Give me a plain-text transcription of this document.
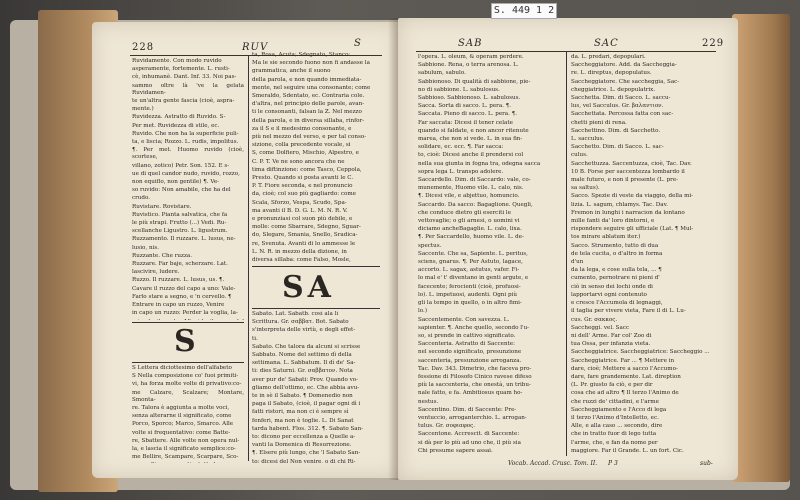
228	RUV	S

Ruvidamente. Con modo ruvido

asperamente, fortemente. L. rusti-

cè, inhumanè. Dant. Inf. 33. Noi pas-

sammo oltre là 've la gelata Ruvidamen-

te un'altra gente fascia (cioè, aspra-

mente.)

Ruvidezza. Astratto di Ruvido. S-

Per met. Ruvidezza di stile, ec.

Ruvido. Che non ha la superficie puli-

ta, e liscia; Rozzo. L. rudis, impolitus.

¶. Per met. Huomo ruvido (cioè, scortese,

villano, zotico) Petr. Son. 152. E s-

ue di quel candor nudo, ruvido, rozzo,

non equiflo, non gentile) ¶. Ve-

so ruvido: Non amabile, che ha del

crudo.

Ruvistare. Rovistare.

Ruvistico. Pianta salvatica, che fa

le più strapi. Frutto (...) Vedi. Ru-

scellanche Ligustro. L. ligustrum.

Ruzzamento. Il ruzzare. L. lusus, ne-

lusio, nis.

Ruzzante. Che ruzza.

Ruzzare. Far baje, scherzare. Lat.

lascivire, ludere.

Ruzzo. Il ruzzare. L. lusus, us. ¶.

Cavare il ruzzo del capo a uno: Vale-

Farlo stare a segno, e 'n cervello. ¶

Entrare in capo un ruzzo, Venire

in capo un ruzzo: Perder la voglia, la-

ta, Rosa, Acuta; Sdegnato, Stanco:

Ma le sie secondo fuono non fi andasse la

grammatica, anche il suono

della parola, e non quando immediata-

mente, nel seguire una consonante; come

Smeraldo, Sdentato, ec. Contraria cole.

d'altra, nel principio delle parole, avan-

ti le consonanti, falsan la Z. Nel mezzo

della parola, e in diversa sillaba, rinfor-

za il S e il medesimo consonante, e

più nel mezzo del verso, e per tal conso-

sizione, colla precedente vocale, si

S, come Dolfiero, Mischio, Alpestro, e

C. P. T. Ve ne sono ancora che ne

tima diftinzione: come Tasco, Ceppola,

Presto. Quando si posta avanti le C.

P. T. Fiore seconda, e nel pronuncio

da, cioè; col suo più gagliardo: come

Scala, Sforzo, Vespa, Scudo, Spa-

ma avanti il B. D. G. L. M. N. R. V.

e pronunziasi col suon più debile, e

molle: come Sbarrare, Sdegno, Sguar-

do, Slegare, Smania, Snello, Sradica-

re, Svenuta. Avanti di lo ammesse le

L. N. R. in mezzo della dizione, in

diversa sillaba: come Falso, Mosle,

SA
S

S Lettera diciottesimo dell'alfabeto

S Nella composizione co' fuoi primiti-

vi, ha forza molte volte di privativo:co-

me Calzare, Scalzare; Montare, Smonta-

re. Talora è aggiunta a molte voci,

senza alterarne il significato, come

Porco, Sporco; Marco, Smarco. Alle

volte si frequentativo: come Batte-

re, Sbattere. Alle volte non opera nul-

la, e lascia il significato semplice:co-

me Bellire, Scampare, Scarpare, Sco-

Sabato. Lat. Sabatb. così ala lì

Scrittura. Gr. σαββατ. Bot. Sabato

s'interpreta delle virtù, e degli effet-

ti.

Sabato. Che talora da alcuni si scrisse

Sabbato. Nome del settimo dì della

settimana. L. Sabbatum. Il dì de' Sa-

ti: dies Saturni. Gr. σαββατον. Nota

aver pur de' Sabati: Prov. Quando vo-

gliamo dell'ottimo, ec. Che abbia avu-

te in sè il Sabato. ¶ Domenedio non

paga il Sabato, (cioè, il pagar ogni dì i

fatti ristori, ma non ci è sempre sì

fenferi, ma non è toglie. L. Di Sanat

tarda habent. Flos. 312. ¶. Sabato San-

to: dicono per eccellenza a Quelle a-

vanti la Domenica di Resurrezione.

¶. Elsere più lungo, che 'l Sabato San-

to: dicesi del Non venire, o di chi Ri-

SAB	SAC	229

l'opera. L. oleum, & operam perdere.

Sabbione. Rena, o terra arenosa. L.

sabulum, sabulo.

Sabbionoso. Di qualità di sabbione, pie-

no di sabbione. L. sabulosus.

Sabbioso. Sabbionoso. L. sabulosus.

Sacca. Sorta di sacco. L. pera. ¶.

Saccata. Pieno di sacco. L. pera. ¶.

Far saccata: Dicesi il tener celate

quando si faldate, e non ancor ritenute

marea, che non si vede. L. in sua fin-

solidare, ec. ecc. ¶. Far sacca:

to, cioè: Dicesi anche il prendersi col

nella sua giunta in fogna tra, odegna sacca

sopra lega L. transpo adolere.

Saccardello. Dim. di Saccardo: vale, co-

munemente, Huomo vile. L. calo, nis.

¶. Dicesi vile, e abjettuo, homuncio.

Saccardo. Da sacco: Bagaglione. Quegli,

che conduce dietro gli eserciti le

vettovaglie; o gli arnesi, o uomini vi

diciamo ancheBagaglie. L. calo, lixa.

¶. Per Saccardello, huomo vile. L. de-

spectus.

Saccente. Che sa, Sapiente. L. peritus,

sciens, gnarus. ¶. Per Astuto, lagace,

accorto. L. sagax, astutus, vafer. Fi-

lo mal e' t' diventano in genti argute, e

facecente; ferocienti (cioè, profuosi-

lo). L. impetuosi, audenti. Ogni più

gli la tempo in quello, o in altro fimi-

lo.)

Saccentemente. Con savezza. L.

sapienter. ¶. Anche quello, secondo l'u-

so, si prende in cattivo significato.

Saccenteria. Astratto di Saccente:

nel secondo significato, presunzione

saccenteria, presunzione arroganza.

Tac. Dav. 343. Dimetrio, che faceva pro-

fessione di Filosofo Cinico ravese difeso

più la saccenteria, che onestà, un tribu-

nale fatto, e fa. Ambitiosus quam ho-

nestus.

Saccentino. Dim. di Saccente: Pre-

ventuccio, arroganterchio. L. arrogan-

tulus. Gr. σοφιαφος.

Saccentone. Accrescit. di Saccente:

si dà per lo più ad uno che, il più sia

Chi presume sapere assai.

da. L. predari, depopulari.

Saccheggiatore. Add. da Saccheggia-

re. L. direptus, depopulatus.

Saccheggiatore. Che saccheggia, Sac-

cheggiatrice. L. depopulatrix.

Sacchetta. Dim. di Sacco. L. saccu-

lus, vel Sacculus. Gr. βαλαντιον.

Sacchettata. Percossa fatta con sac-

chetti pieni di rena.

Sacchettino. Dim. di Sacchetto.

L. sacculus.

Sacchetto. Dim. di Sacco. L. sac-

culus.

Sacchettuzza. Saccentuzza, cioè, Tac. Dav.

10 B. Forse per saccentezza lombardo il

male futuro, e non il presente (L. pre-

sa saltus).

Sacco. Spezie di veste da viaggio, della mi-

lizia. L. sagum, chlamys. Tac. Dav.

Fremon in lunghi i narracion da lontano

mille fanti da' loro dintorni, e

rispondere seguire gli ufficiale (Lat. ¶ Mul-

tos mirare ablatum iter.)

Sacco. Strumento, tutto di dua

de tela cucita, o d'altro in forma

d'un

da la lega, e cose sulla tela, ... ¶

cumento, pernotrare ni pieni d'

ciò in senso dei lochi onde di

lapportarvi ogni contenuto

e cresce l'Accumola di legnaggi,

il taglia per vivere vieta, Fare il di L. Lu-

cus. Gr. σακκος.

Saccheggi. vel. Sacc

ni dell' Arme. Far col' Zoo di

tua Ossa, per infanzia vieta.

Saccheggiatrice. Saccheggiatrice: Saccheggio ...

Saccheggiatrice. Far ... ¶ Mettere in

dare, cioè; Mettere a sacco l'Accumo-

dare, fare grandemente. Lat. direption

(L. Pr. giusto fa ciò, e per dir

cosa che ad altro ¶ Il terzo l'Animo de

che ruzzi de' cittadini, e l'arme

Saccheggiamento e l'Acco di lega

il terzo l'Animo d'Intelletto, ec.

Alle, e alla caso ... secondo, dire

che in tratto fuor di lego tutta

l'arme, che, e fan da nome per

maggiore. Far il Grande. L. un fort. Cic.

Vocab. Accad. Crusc. Tom. II. P 3	sub-
S. 449 1 2
